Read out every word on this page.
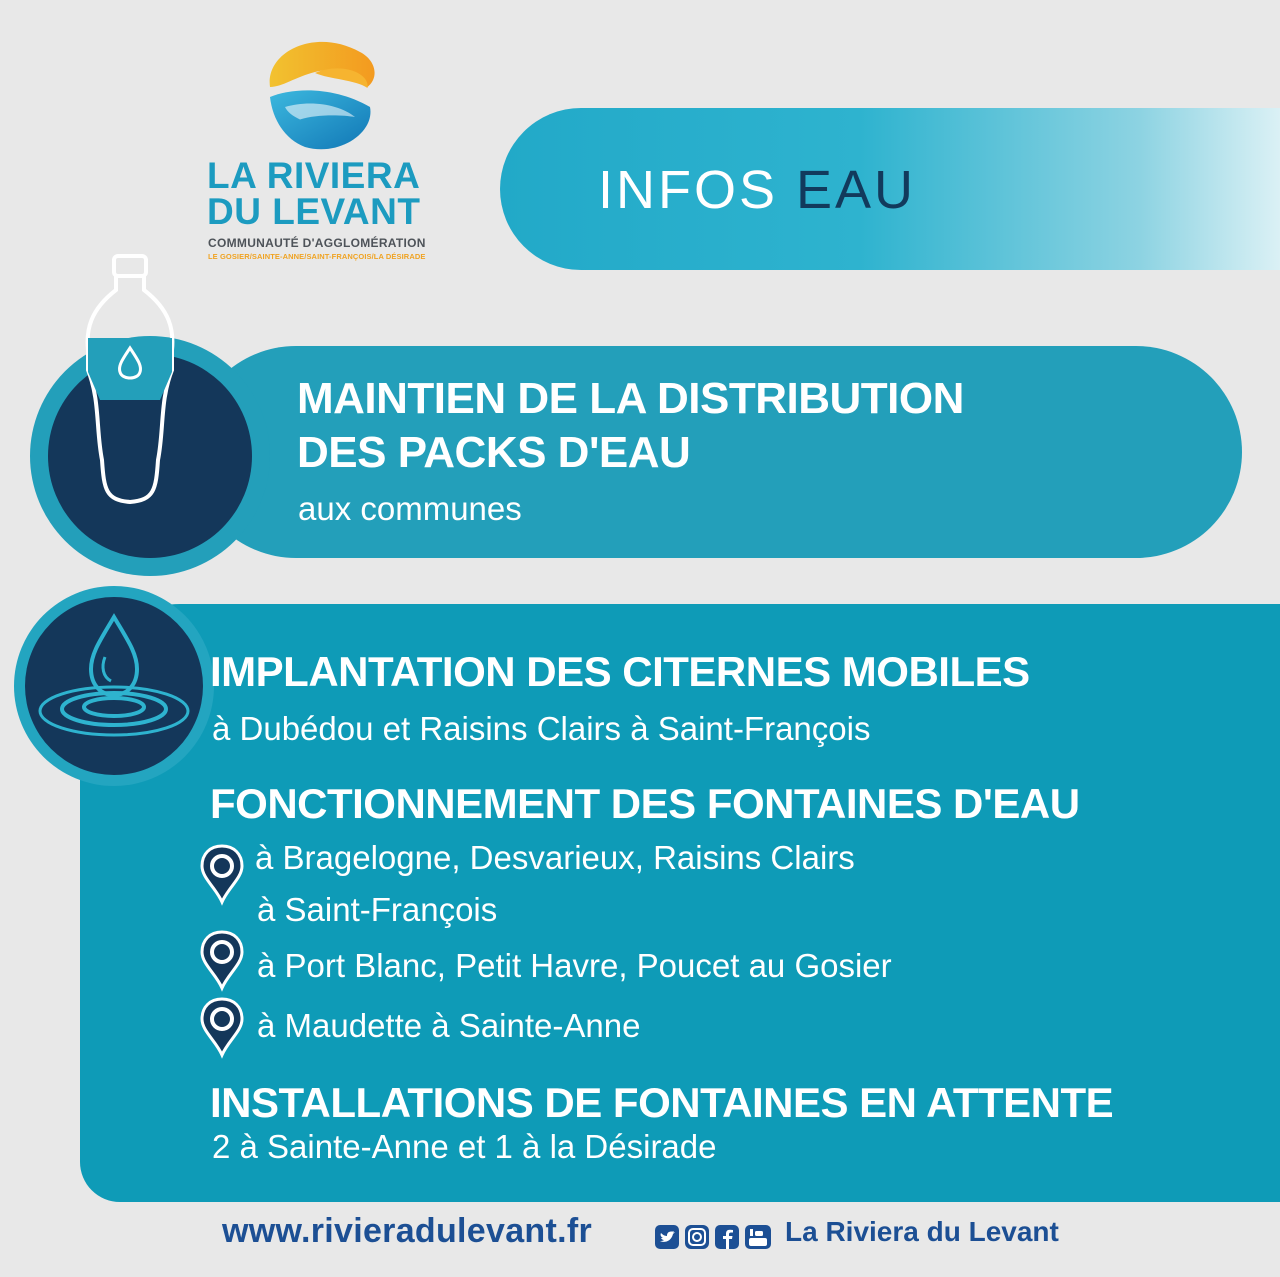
LA RIVIERA
DU LEVANT
COMMUNAUTÉ D'AGGLOMÉRATION
LE GOSIER/SAINTE-ANNE/SAINT-FRANÇOIS/LA DÉSIRADE
INFOS EAU
MAINTIEN DE LA DISTRIBUTION
DES PACKS D'EAU
aux communes
IMPLANTATION DES CITERNES MOBILES
à Dubédou et Raisins Clairs à Saint-François
FONCTIONNEMENT DES FONTAINES D'EAU
à Bragelogne, Desvarieux, Raisins Clairs
à Saint-François
à Port Blanc, Petit Havre, Poucet au Gosier
à Maudette à Sainte-Anne
INSTALLATIONS DE FONTAINES EN ATTENTE
2 à Sainte-Anne et 1 à la Désirade
www.rivieradulevant.fr	La Riviera du Levant
